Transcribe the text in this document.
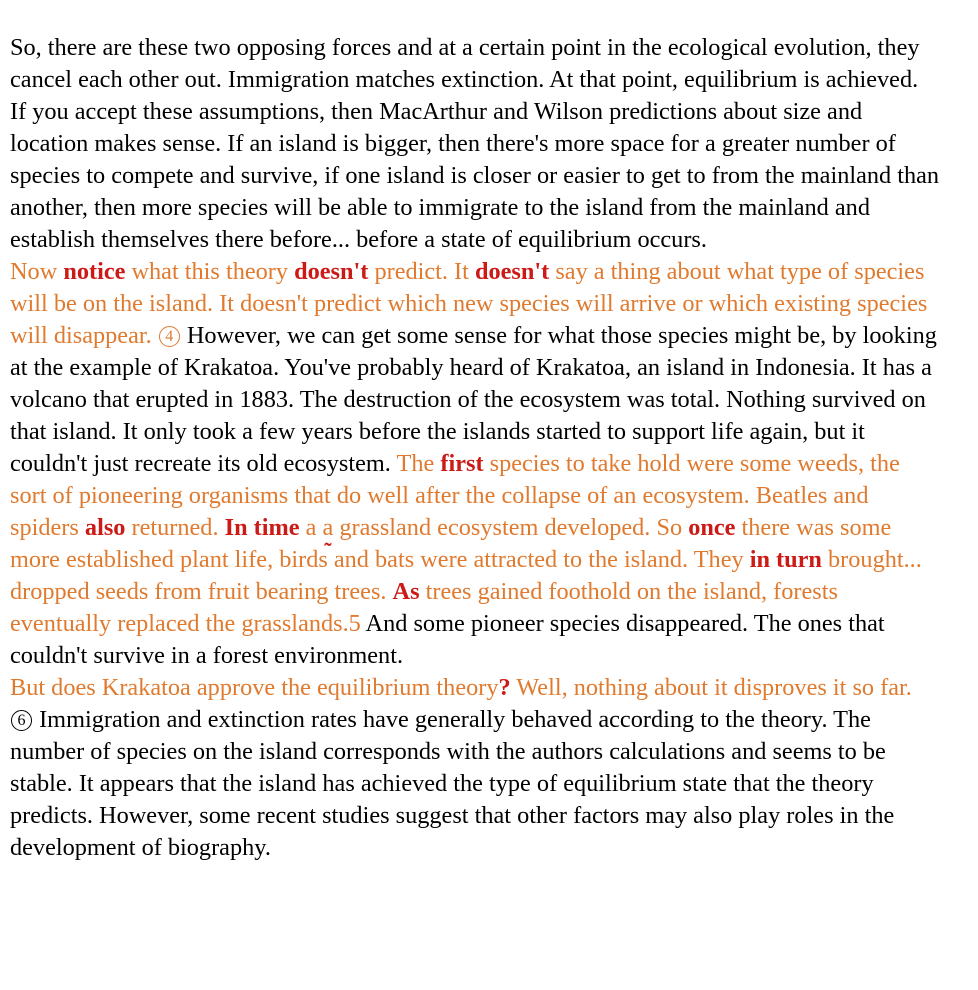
So, there are these two opposing forces and at a certain point in the ecological evolution, they cancel each other out. Immigration matches extinction. At that point, equilibrium is achieved. If you accept these assumptions, then MacArthur and Wilson predictions about size and location makes sense. If an island is bigger, then there's more space for a greater number of species to compete and survive, if one island is closer or easier to get to from the mainland than another, then more species will be able to immigrate to the island from the mainland and establish themselves there before... before a state of equilibrium occurs.

Now notice what this theory doesn't predict. It doesn't say a thing about what type of species will be on the island. It doesn't predict which new species will arrive or which existing species will disappear. 4 However, we can get some sense for what those species might be, by looking at the example of Krakatoa. You've probably heard of Krakatoa, an island in Indonesia. It has a volcano that erupted in 1883. The destruction of the ecosystem was total. Nothing survived on that island. It only took a few years before the islands started to support life again, but it couldn't just recreate its old ecosystem. The first species to take hold were some weeds, the sort of pioneering organisms that do well after the collapse of an ecosystem. Beatles and spiders also returned. In time a a ˜ grassland ecosystem developed. So once there was some more established plant life, birds and bats were attracted to the island. They in turn brought... dropped seeds from fruit bearing trees. As trees gained foothold on the island, forests eventually replaced the grasslands.5 And some pioneer species disappeared. The ones that couldn't survive in a forest environment.

But does Krakatoa approve the equilibrium theory? Well, nothing about it disproves it so far. 6 Immigration and extinction rates have generally behaved according to the theory. The number of species on the island corresponds with the authors calculations and seems to be stable. It appears that the island has achieved the type of equilibrium state that the theory predicts. However, some recent studies suggest that other factors may also play roles in the development of biography.
